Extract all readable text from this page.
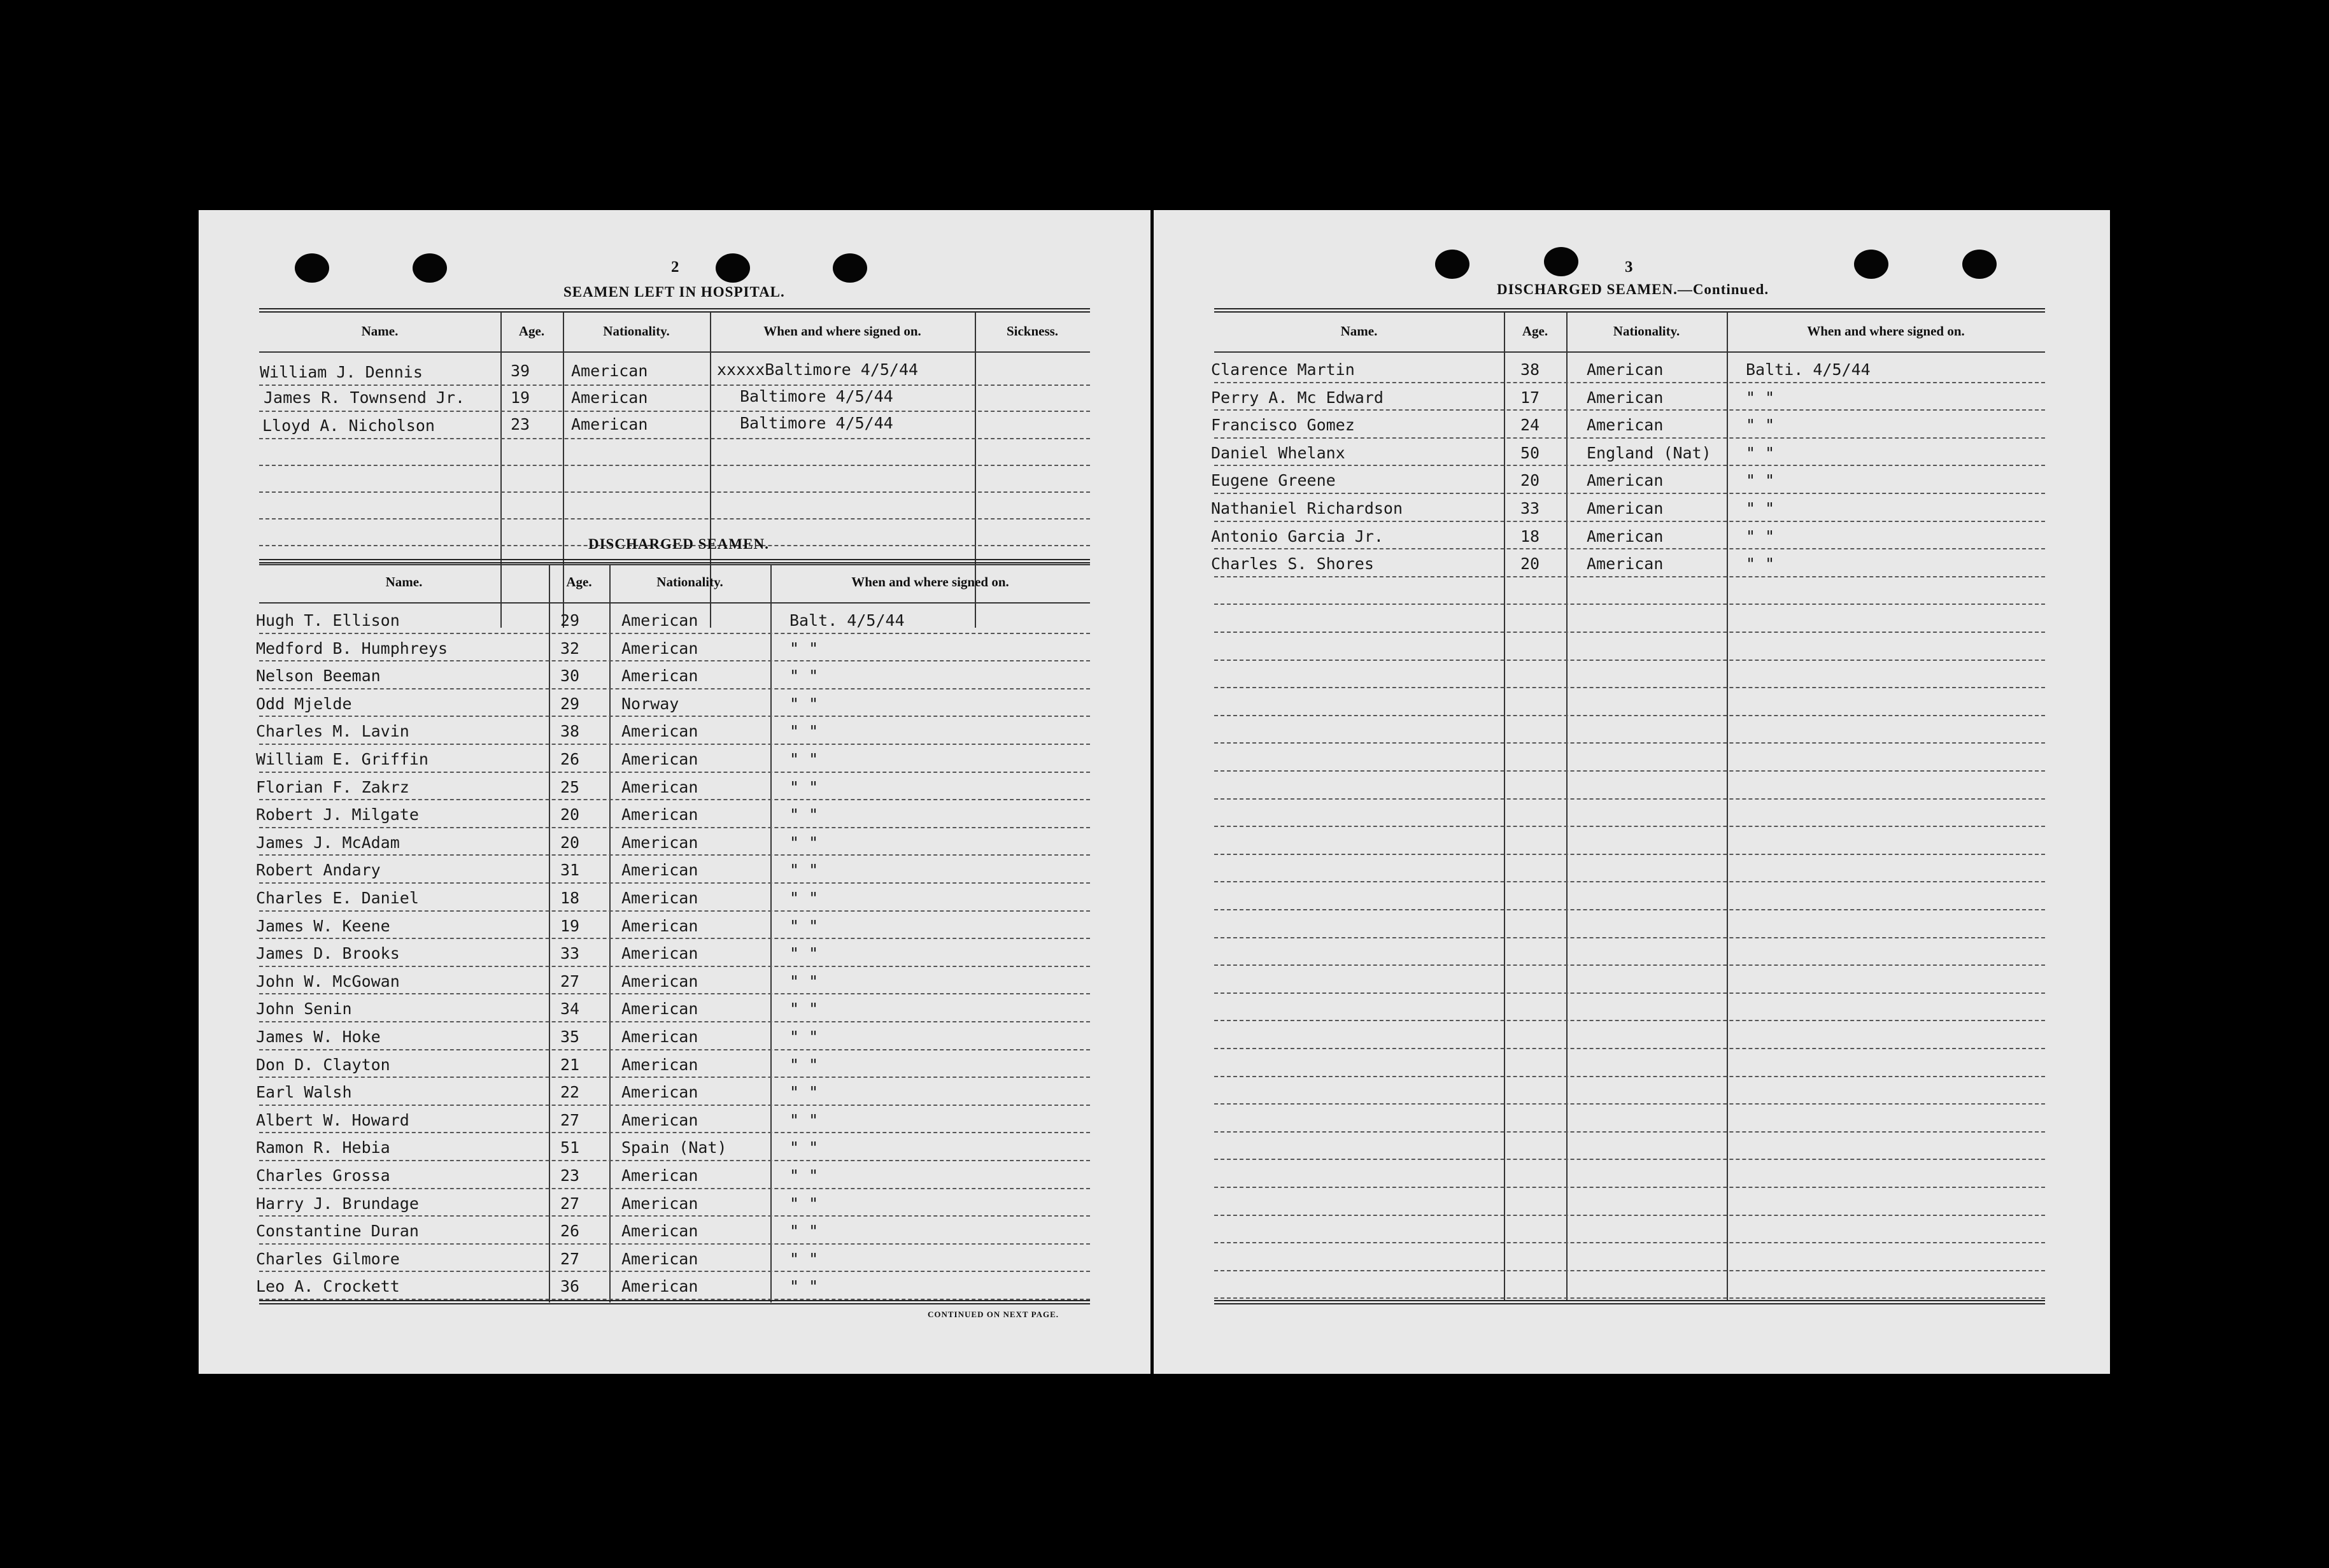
2
SEAMEN LEFT IN HOSPITAL.
Name.	Age.	Nationality.	When and where signed on.	Sickness.
William J. Dennis	39	American	xxxxxBaltimore 4/5/44
James R. Townsend Jr.	19	American	Baltimore 4/5/44
Lloyd A. Nicholson	23	American	Baltimore 4/5/44
DISCHARGED SEAMEN.
Name.	Age.	Nationality.	When and where signed on.
Hugh T. Ellison	29	American	Balt. 4/5/44
Medford B. Humphreys	32	American	" "
Nelson Beeman	30	American	" "
Odd Mjelde	29	Norway	" "
Charles M. Lavin	38	American	" "
William E. Griffin	26	American	" "
Florian F. Zakrz	25	American	" "
Robert J. Milgate	20	American	" "
James J. McAdam	20	American	" "
Robert Andary	31	American	" "
Charles E. Daniel	18	American	" "
James W. Keene	19	American	" "
James D. Brooks	33	American	" "
John W. McGowan	27	American	" "
John Senin	34	American	" "
James W. Hoke	35	American	" "
Don D. Clayton	21	American	" "
Earl Walsh	22	American	" "
Albert W. Howard	27	American	" "
Ramon R. Hebia	51	Spain (Nat)	" "
Charles Grossa	23	American	" "
Harry J. Brundage	27	American	" "
Constantine Duran	26	American	" "
Charles Gilmore	27	American	" "
Leo A. Crockett	36	American	" "
CONTINUED ON NEXT PAGE.
3
DISCHARGED SEAMEN.—Continued.
Name.	Age.	Nationality.	When and where signed on.
Clarence Martin	38	American	Balti. 4/5/44
Perry A. Mc Edward	17	American	" "
Francisco Gomez	24	American	" "
Daniel Whelanx	50	England (Nat) " "
Eugene Greene	20	American	" "
Nathaniel Richardson	33	American	" "
Antonio Garcia Jr.	18	American	" "
Charles S. Shores	20	American	" "
